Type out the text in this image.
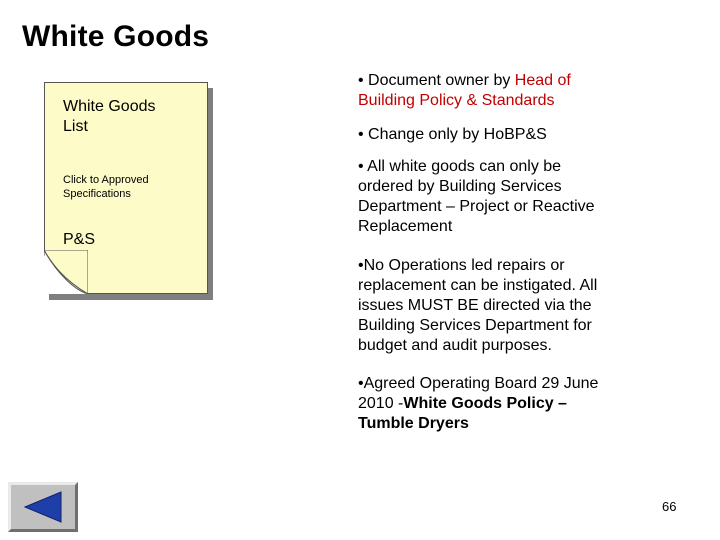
White Goods
White Goods
List
Click to Approved
Specifications
P&S
• Document owner by Head of
Building Policy & Standards
• Change only by HoBP&S
• All white goods can only be
ordered by Building Services
Department – Project or Reactive
Replacement
•No Operations led repairs or
replacement can be instigated. All
issues MUST BE directed via the
Building Services Department for
budget and audit purposes.
•Agreed Operating Board 29 June
2010 -White Goods Policy –
Tumble Dryers
66
